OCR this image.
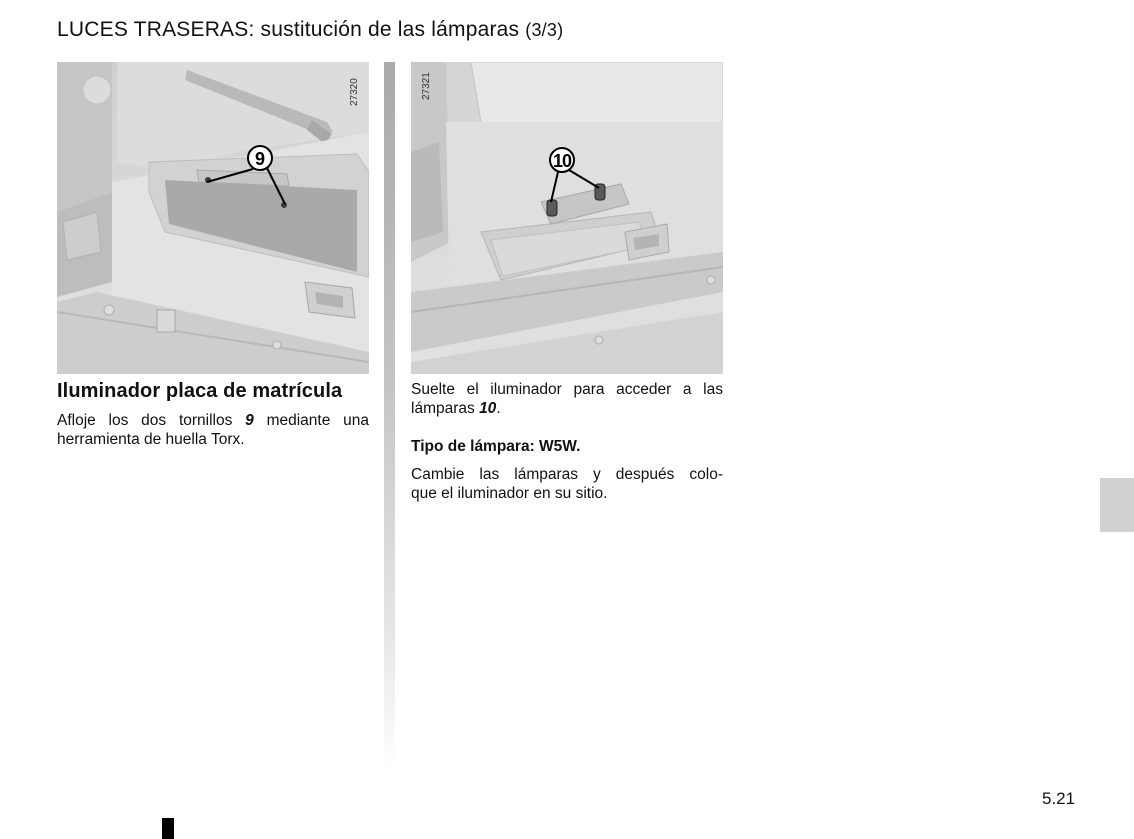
LUCES TRASERAS: sustitución de las lámparas (3/3)
9
27320
10
27321
Iluminador placa de matrícula

Afloje los dos tornillos 9 mediante una
herramienta de huella Torx.

Suelte el iluminador para acceder a las
lámparas 10.

Tipo de lámpara: W5W.

Cambie las lámparas y después colo-
que el iluminador en su sitio.

5.21
